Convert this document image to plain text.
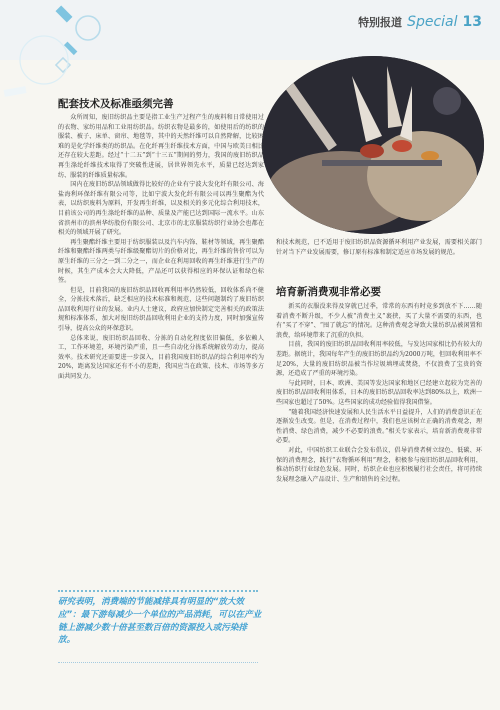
特别报道 Special 13
配套技术及标准亟须完善

众所周知，废旧纺织品主要是指工业生产过程产生的废料和日常使用过的衣物、家纺用品和工业用纺织品。纺织衣物是最多的，如使用后的纺织的服装、被子、床单、窗帘、地毯等，其中的天然纤维可以自然降解，比较困难的是化学纤维类的纺织品。在化纤再生纤维技术方面，中国与欧美日相比还存在较大差距。经过“十二五”到“十三五”期间的努力，我国的废旧纺织品再生涤纶纤维技术取得了突破性进展，居世界领先水平，质量已经达到家纺、服装的纤维质量标准。

国内在废旧纺织品领域做得比较好的企业有宁波大发化纤有限公司、海盐海利环保纤维有限公司等，比如宁波大发化纤有限公司以再生聚酯为代表，以纺织废料为原料，开发再生纤维，以及相关的多元化综合利用技术，目前该公司的再生涤纶纤维的品种、质量及产能已达到国际一流水平。山东省滨州市的滨州华纺股份有限公司、北京市的北京服装纺织行业协会也都在相关的领域开展了研究。

再生聚酯纤维主要用于纺织服装以及汽车内饰、鞋材等领域，再生聚酯纤维和聚酯纤维两类与纤维级聚酯切片的价格对比，再生纤维的售价可以为原生纤维的三分之一到二分之一，而企业在利用回收的再生纤维进行生产的时候，其生产成本会大大降低，产品还可以获得相应的环保认证和绿色标签。

但是，目前我国的废旧纺织品回收再利用率仍然较低，回收体系尚不健全，分拣技术落后，缺乏相应的技术标准和规范，这些问题制约了废旧纺织品回收利用行业的发展。业内人士建议，政府应加快制定完善相关的政策法规和标准体系，加大对废旧纺织品回收利用企业的支持力度，同时加强宣传引导，提高公众的环保意识。

总体来说，废旧纺织品回收、分拣的自动化程度依旧偏低，多依赖人工，工作环境差，环境污染严重，且一些自动化分拣系统解放劳动力，提高效率。技术研究还需要进一步深入，目前我国废旧纺织品的综合利用率约为20%，距离发达国家还有不小的差距，我国应当在政策、技术、市场等多方面共同发力。

研究表明，消费端的节能减排具有明显的“放大效应”：最下游每减少一个单位的产品消耗，可以在产业链上游减少数十倍甚至数百倍的资源投入或污染排放。

和技术规范，已不适用于废旧纺织品资源循环利用产业发展，需要相关部门针对当下产业发展需要，修订原有标准和制定适应市场发展的规范。

培育新消费观非常必要

新买的衣服没来得及穿就已过季，常常的东西有时竟多到放不下……随着消费不断升级，不少人被“消费主义”裹挟，买了大量不需要的东西，也有“买了不穿”、“囤了就忘”的情况。这种消费观念导致大量纺织品被闲置和浪费，给环境带来了沉重的负担。

目前，我国的废旧纺织品回收利用率较低，与发达国家相比仍有较大的差距。据统计，我国每年产生的废旧纺织品约为2000万吨，但回收利用率不足20%，大量的废旧纺织品被当作垃圾填埋或焚烧，不仅浪费了宝贵的资源，还造成了严重的环境污染。

与此同时，日本、欧洲、美国等发达国家和地区已经建立起较为完善的废旧纺织品回收利用体系，日本的废旧纺织品回收率达到80%以上，欧洲一些国家也超过了50%。这些国家的成功经验值得我国借鉴。

“随着我国经济快速发展和人民生活水平日益提升，人们的消费意识正在逐渐发生改变。但是，在消费过程中，我们也应该树立正确的消费观念，理性消费、绿色消费，减少不必要的浪费。”相关专家表示，培育新消费观非常必要。

对此，中国纺织工业联合会发布倡议，倡导消费者树立绿色、低碳、环保的消费理念，践行“衣物循环利用”理念，积极参与废旧纺织品回收利用，推动纺织行业绿色发展。同时，纺织企业也应积极履行社会责任，将可持续发展理念融入产品设计、生产和销售的全过程。
